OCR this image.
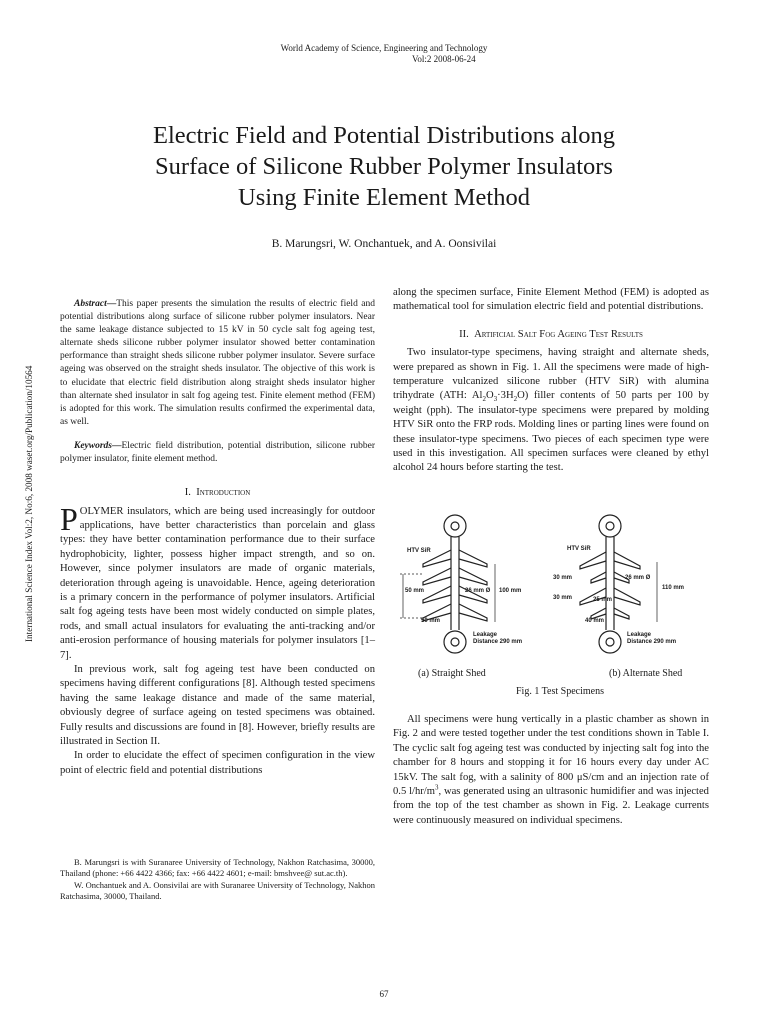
World Academy of Science, Engineering and Technology
Vol:2 2008-06-24
Electric Field and Potential Distributions along
Surface of Silicone Rubber Polymer Insulators
Using Finite Element Method
B. Marungsri, W. Onchantuek, and A. Oonsivilai
International Science Index Vol:2, No:6, 2008 waset.org/Publication/10564

Abstract—This paper presents the simulation the results of electric field and potential distributions along surface of silicone rubber polymer insulators. Near the same leakage distance subjected to 15 kV in 50 cycle salt fog ageing test, alternate sheds silicone rubber polymer insulator showed better contamination performance than straight sheds silicone rubber polymer insulator. Severe surface ageing was observed on the straight sheds insulator. The objective of this work is to elucidate that electric field distribution along straight sheds insulator higher than alternate shed insulator in salt fog ageing test. Finite element method (FEM) is adopted for this work. The simulation results confirmed the experimental data, as well.

Keywords—Electric field distribution, potential distribution, silicone rubber polymer insulator, finite element method.

I. Introduction

POLYMER insulators, which are being used increasingly for outdoor applications, have better characteristics than porcelain and glass types: they have better contamination performance due to their surface hydrophobicity, lighter, possess higher impact strength, and so on. However, since polymer insulators are made of organic materials, deterioration through ageing is unavoidable. Hence, ageing deterioration is a primary concern in the performance of polymer insulators. Artificial salt fog ageing tests have been most widely conducted on simple plates, rods, and small actual insulators for evaluating the anti-tracking and/or anti-erosion performance of housing materials for polymer insulators [1–7].

In previous work, salt fog ageing test have been conducted on specimens having different configurations [8]. Although tested specimens having the same leakage distance and made of the same material, obviously degree of surface ageing on tested specimens was obtained. Fully results and discussions are found in [8]. However, briefly results are illustrated in Section II.

In order to elucidate the effect of specimen configuration in the view point of electric field and potential distributions

B. Marungsri is with Suranaree University of Technology, Nakhon Ratchasima, 30000, Thailand (phone: +66 4422 4366; fax: +66 4422 4601; e-mail: bmshvee@ sut.ac.th).

W. Onchantuek and A. Oonsivilai are with Suranaree University of Technology, Nakhon Ratchasima, 30000, Thailand.

along the specimen surface, Finite Element Method (FEM) is adopted as mathematical tool for simulation electric field and potential distributions.

II. Artificial Salt Fog Ageing Test Results

Two insulator-type specimens, having straight and alternate sheds, were prepared as shown in Fig. 1. All the specimens were made of high-temperature vulcanized silicone rubber (HTV SiR) with alumina trihydrate (ATH: $Al_2O_3\cdot 3H_2O$) filler contents of 50 parts per 100 by weight (pph). The insulator-type specimens were prepared by molding HTV SiR onto the FRP rods. Molding lines or parting lines were found on these insulator-type specimens. Two pieces of each specimen type were used in this investigation. All specimen surfaces were cleaned by ethyl alcohol 24 hours before starting the test.

HTV SiR
50 mm	26 mm Ø 100 mm
50 mm
Leakage
Distance 290 mm
HTV SiR
30 mm	26 mm Ø
110 mm
30 mm	25 mm
40 mm
Leakage
Distance 290 mm
(a) Straight Shed	(b) Alternate Shed
Fig. 1 Test Specimens

All specimens were hung vertically in a plastic chamber as shown in Fig. 2 and were tested together under the test conditions shown in Table I. The cyclic salt fog ageing test was conducted by injecting salt fog into the chamber for 8 hours and stopping it for 16 hours every day under AC 15kV. The salt fog, with a salinity of 800 μS/cm and an injection rate of 0.5 $l/hr/m^3$, was generated using an ultrasonic humidifier and was injected from the top of the test chamber as shown in Fig. 2. Leakage currents were continuously measured on individual specimens.

67
